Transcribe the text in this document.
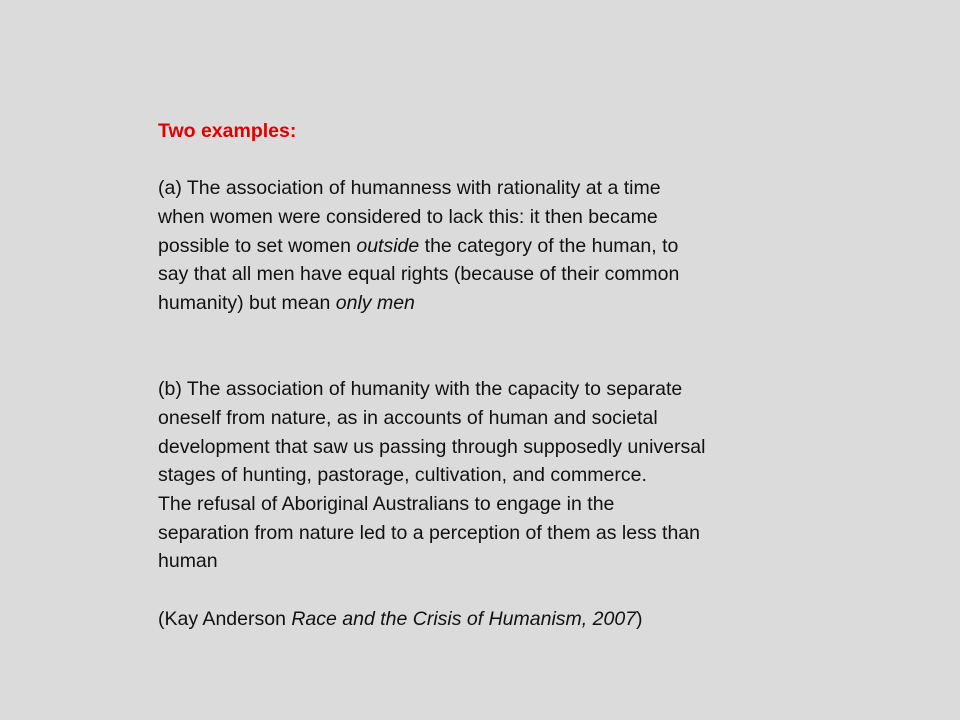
Two examples:

(a) The association of humanness with rationality at a time
when women were considered to lack this: it then became
possible to set women outside the category of the human, to
say that all men have equal rights (because of their common
humanity) but mean only men
(b) The association of humanity with the capacity to separate
oneself from nature, as in accounts of human and societal
development that saw us passing through supposedly universal
stages of hunting, pastorage, cultivation, and commerce.
The refusal of Aboriginal Australians to engage in the
separation from nature led to a perception of them as less than
human
(Kay Anderson Race and the Crisis of Humanism, 2007)
